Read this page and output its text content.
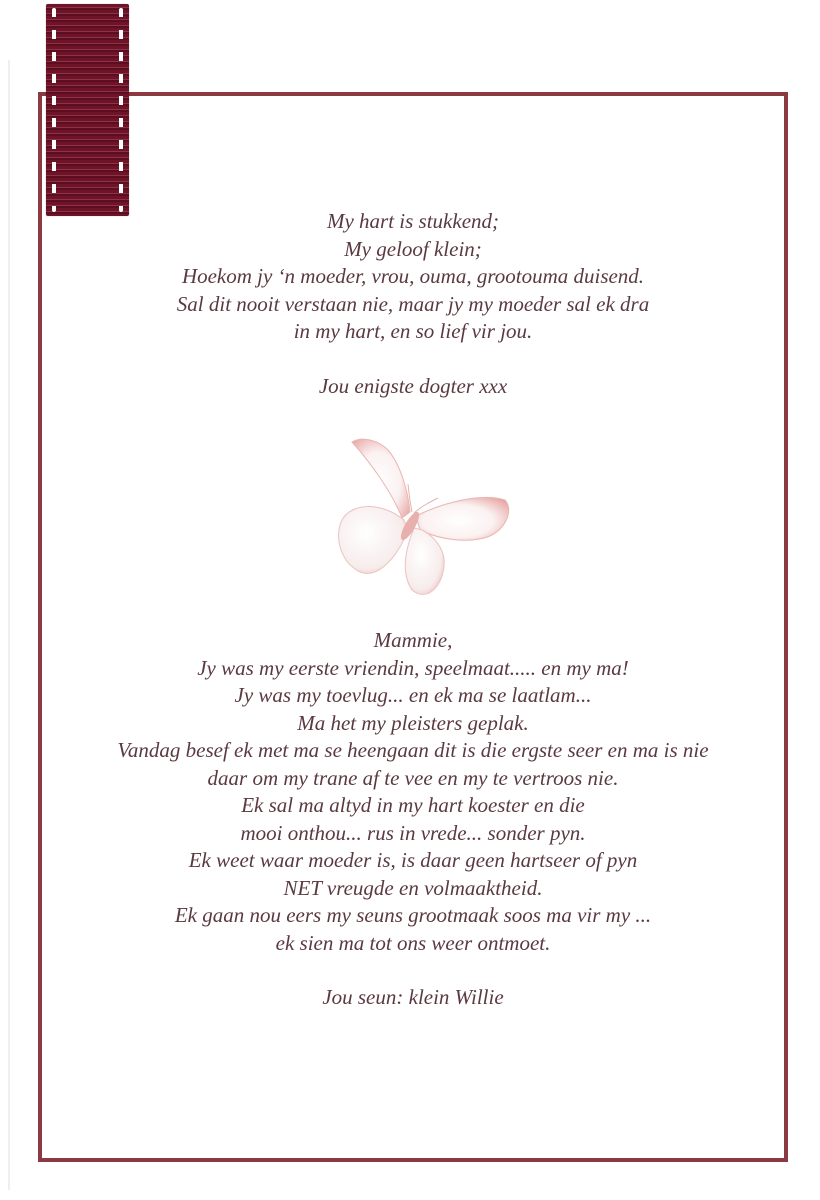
My hart is stukkend;
My geloof klein;
Hoekom jy ‘n moeder, vrou, ouma, grootouma duisend.
Sal dit nooit verstaan nie, maar jy my moeder sal ek dra
in my hart, en so lief vir jou.
Jou enigste dogter xxx
Mammie,
Jy was my eerste vriendin, speelmaat..... en my ma!
Jy was my toevlug... en ek ma se laatlam...
Ma het my pleisters geplak.
Vandag besef ek met ma se heengaan dit is die ergste seer en ma is nie
daar om my trane af te vee en my te vertroos nie.
Ek sal ma altyd in my hart koester en die
mooi onthou... rus in vrede... sonder pyn.
Ek weet waar moeder is, is daar geen hartseer of pyn
NET vreugde en volmaaktheid.
Ek gaan nou eers my seuns grootmaak soos ma vir my ...
ek sien ma tot ons weer ontmoet.
Jou seun: klein Willie
